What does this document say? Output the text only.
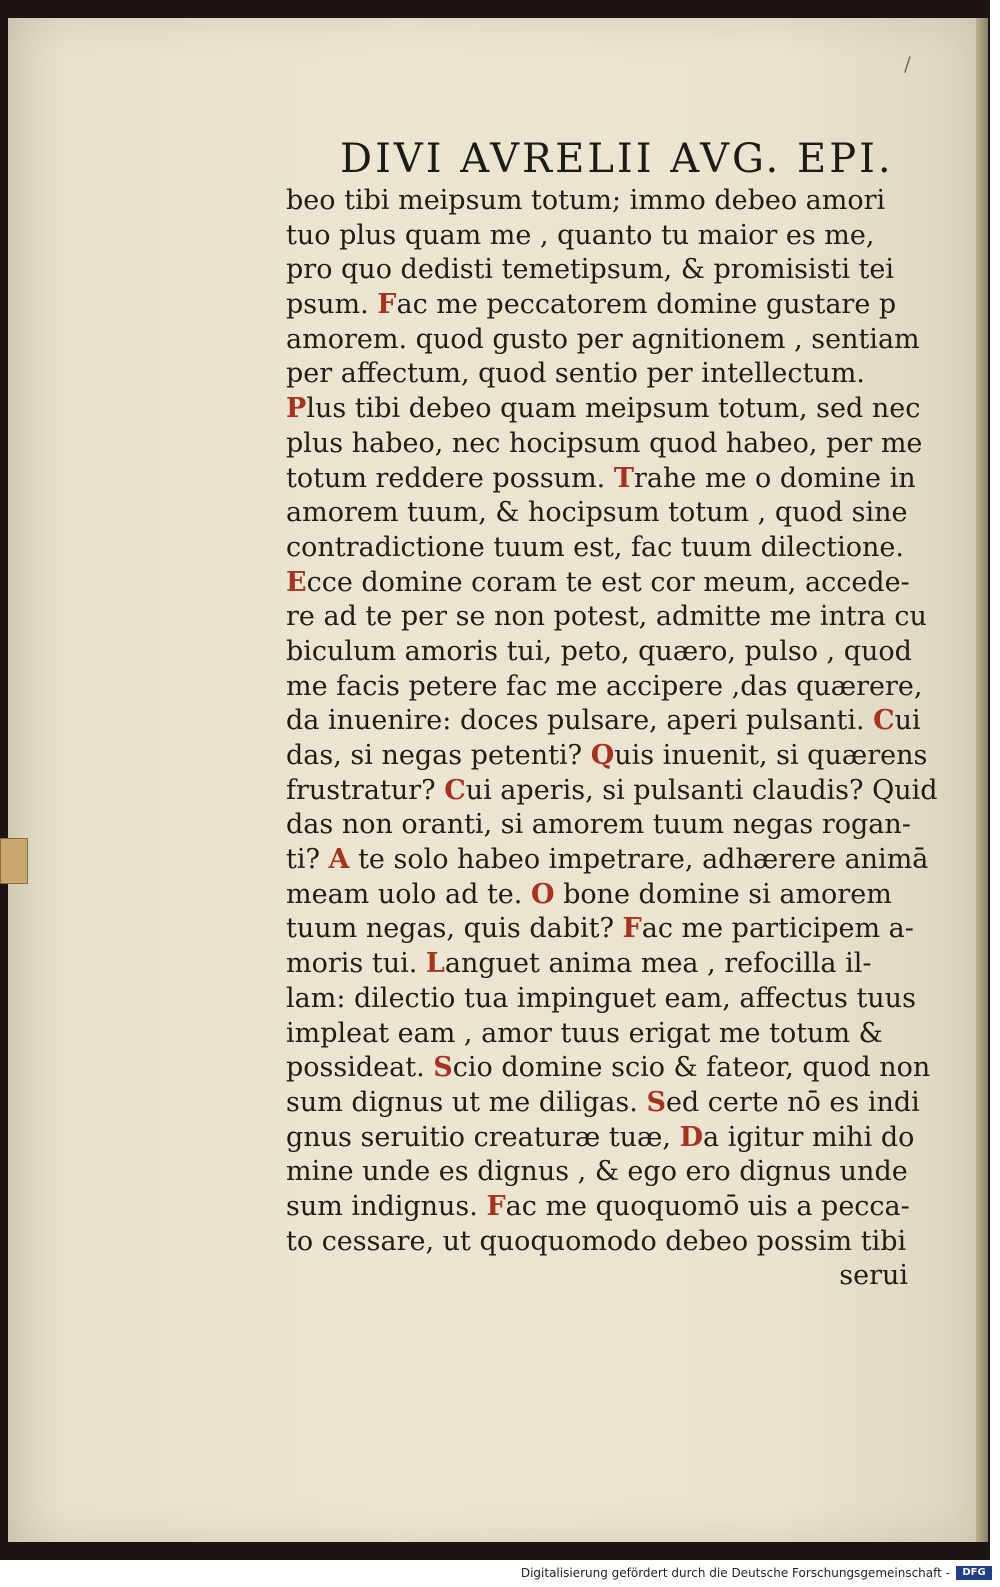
/
DIVI AVRELII AVG. EPI.
beo tibi meipsum totum; immo debeo amori
tuo plus quam me , quanto tu maior es me,
pro quo dedisti temetipsum, & promisisti tei
psum. Fac me peccatorem domine gustare p
amorem. quod gusto per agnitionem , sentiam
per affectum, quod sentio per intellectum.
Plus tibi debeo quam meipsum totum, sed nec
plus habeo, nec hocipsum quod habeo, per me
totum reddere possum. Trahe me o domine in
amorem tuum, & hocipsum totum , quod sine
contradictione tuum est, fac tuum dilectione.
Ecce domine coram te est cor meum, accede-
re ad te per se non potest, admitte me intra cu
biculum amoris tui, peto, quæro, pulso , quod
me facis petere fac me accipere ,das quærere,
da inuenire: doces pulsare, aperi pulsanti. Cui
das, si negas petenti? Quis inuenit, si quærens
frustratur? Cui aperis, si pulsanti claudis? Quid
das non oranti, si amorem tuum negas rogan-
ti? A te solo habeo impetrare, adhærere animā
meam uolo ad te. O bone domine si amorem
tuum negas, quis dabit? Fac me participem a-
moris tui. Languet anima mea , refocilla il-
lam: dilectio tua impinguet eam, affectus tuus
impleat eam , amor tuus erigat me totum &
possideat. Scio domine scio & fateor, quod non
sum dignus ut me diligas. Sed certe nō es indi
gnus seruitio creaturæ tuæ, Da igitur mihi do
mine unde es dignus , & ego ero dignus unde
sum indignus. Fac me quoquomō uis a pecca-
to cessare, ut quoquomodo debeo possim tibi
serui
Digitalisierung gefördert durch die Deutsche Forschungsgemeinschaft -	DFG
